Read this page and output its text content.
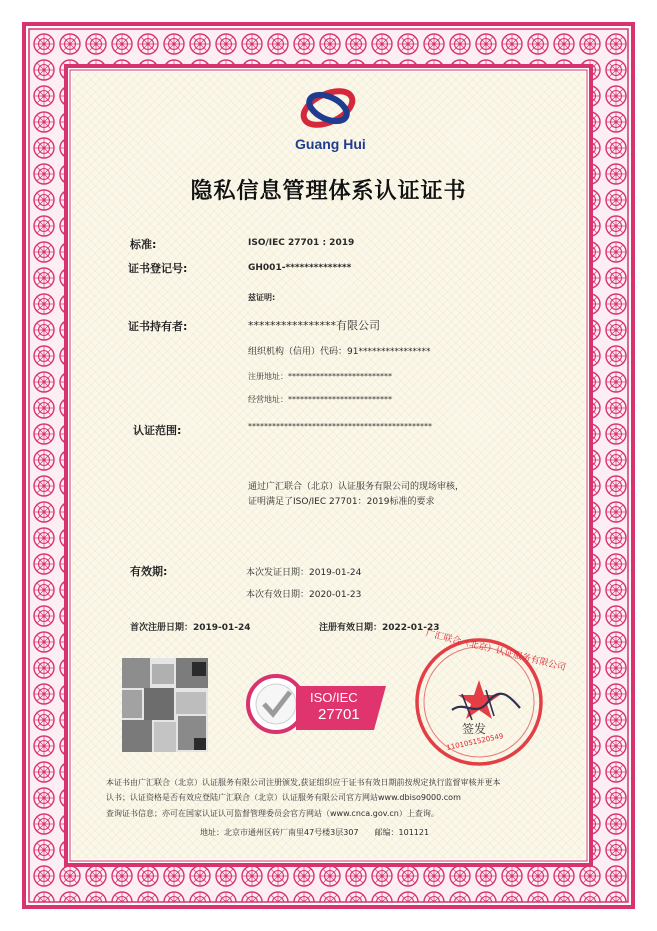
Guang Hui
隐私信息管理体系认证证书
标准:	ISO/IEC 27701 : 2019
证书登记号:	GH001-**************
兹证明:
证书持有者:	****************有限公司
组织机构（信用）代码：91****************
注册地址：**************************
经营地址：**************************
认证范围:	**********************************************
通过广汇联合（北京）认证服务有限公司的现场审核，
证明满足了ISO/IEC 27701：2019标准的要求
有效期:	本次发证日期：2019-01-24
本次有效日期：2020-01-23
首次注册日期：2019-01-24	注册有效日期：2022-01-23
ISO/IEC
27701
广汇联合（北京）认证服务有限公司
1101051520549
签发
本证书由广汇联合（北京）认证服务有限公司注册颁发,获证组织应于证书有效日期前按规定执行监督审核并更本
认书；认证资格是否有效应登陆广汇联合（北京）认证服务有限公司官方网站www.dbiso9000.com
查询证书信息；亦可在国家认证认可监督管理委员会官方网站（www.cnca.gov.cn）上查询。
地址：北京市通州区砖厂南里47号楼3层307　　邮编：101121
